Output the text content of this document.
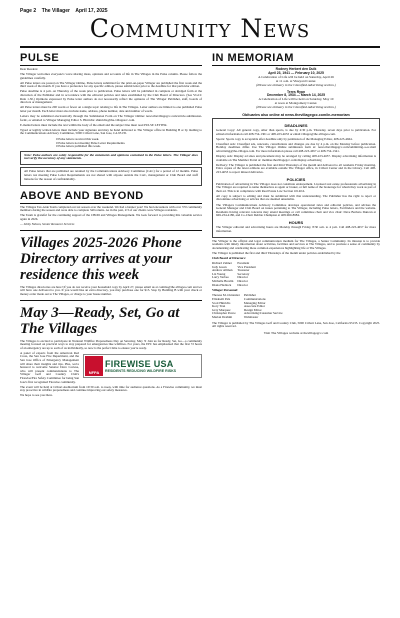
Page 2 The Villager April 17, 2025
Community News
PULSE

Dear Readers:

The Villager welcomes everyone's voice sharing ideas, opinions and accounts of life in The Villages in the Pulse column. Please follow the guidelines carefully.

All Pulse letters are posted on The Villager Online. Pulse letters submitted for the print-on-paper Villager are published the first week and the third week of the month. If you have a preference for any specific edition, please submit letter prior to the deadline for that particular edition.

Pulse deadline is 4 p.m. on Thursday of the week prior to publication. Pulse letters will be published in complete or abridged form at the discretion of the Publisher and in accordance with the editorial policies and rules established by the Club Board of Directors. (See VGCC Rule 1.30.) Opinions expressed by Pulse letter authors do not necessarily reflect the opinions of The Villager Publisher, staff, boards of directors or management.

All Pulse letters must be 200 words or fewer on a single topic relating to life in The Villages. Letter authors are limited to one published Pulse letter per month. Each letter must also include name, address, phone number, date and number of words.

Letters may be submitted electronically through the Submission Form on The Villager Online: news.thevillagegcc.com/article-submission-form/, or emailed to Villager Managing Editor S. Hinrichs: shinrichs@the-villagescc.com.

E-mailed letters must include the text within the body of the email and the subject line must read PULSE LETTER.

Typed or legibly written letters must include your signature and may be hand delivered to The Villager office in Building B or by mailing to the Communications Advisory Committee, 5000 Cribari Lane, San Jose, CA 95135.

0 Pulse letters received this week.
0 Pulse letters not meeting Pulse Letter Requirements.
0 Pulse letters published this week.

Note: Pulse authors are solely responsible for the statements and opinions contained in the Pulse letters. The Villager does not verify the accuracy of any statements.

All Pulse letters that are published are retained by the Communications Advisory Committee (CAC) for a period of 12 months. Pulse letters not meeting Pulse Letter Requirements are not shared with anyone outside the CAC, management or Club Board and staff liaisons for the reason of confidentiality.

ABOVE AND BEYOND

The Villages Tax-Aide Team completed our tax season over the weekend. We had a banner year! We had encounters with over 370 community members during the season and were able to complete 349 returns. As in the past, 2/3 of our clients were Villages residents.

The Team is grateful for the continuing support of the CBOD and Villages Management. We look forward to providing this valuable service again in 2026.

— Libby Nelson, Senior Resource Services

Villages 2025-2026 Phone Directory arrives at your residence this week

The Villages directories are here! If you do not receive your household copy by April 27, please email us at comms@the-villages.com and we will have one delivered to you. If you would like an extra directory, you may purchase one for $15. Stop by Building B with your check or money order made out to The Villages, or charge to your house number.

May 3—Ready, Set, Go at The Villages

The Villages is excited to participate in National Wildfire Preparedness Day on Saturday, May 3! Join us for Ready, Set, Go—a community meeting focused on practical ways to stay prepared for emergencies like wildfires. For years, the EPC has emphasized that the first 72 hours of an emergency are up to each of us individually, so now is the perfect time to ensure you're ready.

NFPA
FIREWISE USA
RESIDENTS REDUCING WILDFIRE RISKS

A panel of experts from the American Red Cross, the San Jose Fire Department, and the San Jose Office of Emergency Management will share their insights and tips. Plus, we're honored to welcome Senator Dave Cortese, who will present commendations to The Villager Golf and Country Club's Firewise/Fire Safety Committee for being San Jose's first recognized Firewise community.

The event will be held at Cribari Auditorium from 10:30 a.m. to noon, with time for audience questions. As a Firewise community, we must stay proactive in wildfire preparedness and continue improving our safety measures.

We hope to see you there.

IN MEMORIAM

Rodney Herbert den Dulk

April 23, 1941 — February 10, 2025

A Celebration of Life will be held on Saturday, April 26

at 11 a.m. at Vineyard Center.

(Please see obituary in the Classified Advertising section.)

Teres Ryan

December 8, 1934 — March 14, 2025

A Celebration of Life will be held on Saturday, May 10

at noon at Montgomery Center.

(Please see obituary in the Classified Advertising section.)

Obituaries also online at news.thevillagegcc.com/in-memoriam
DEADLINES

General Copy: All general copy, other than sports, is due by 4:30 p.m. Thursday, seven days prior to publication. For editorial information call 408-754-1301 or 408-223-4653 or email villager@the-villages.com.

Sports: Sports copy is acceptable after deadline only by permission of the Managing Editor, 408-223-4664.

Classified Ads: Classified ads, renewals, cancellations and changes are due by 4 p.m. on the Monday before publication. Holiday deadlines differ. Use The Villager Online submission form at: news.thevillagegcc.com/submitting-a-or-mail advertising@the-villages.com. For more information please call 408-223-4657 or 408-754-1341.

Display Ads: Display ad sizes and placement may be arranged by calling 408-223-4657. Display advertising information is available on The Member Portal at: member.thevillagegcc.com/display-advertising

Delivery: The Villager is published the first and third Thursdays of the month and delivered to all residents Friday morning. Extra copies of the latest editions are available outside The Villager office, in Cribari Center and in the Library. Call 408-223-4653 to report missed deliveries.

POLICIES

Publication of advertising in The Villager does not constitute endorsement. Licensed real estate professionals advertising in The Villager are required to name themselves as agent or broker, or full name of the brokerage for whom they work as part of their ad. This is in compliance with Real Estate Law Section 10140.6.

All copy is subject to editing and must be submitted with that understanding. The Publisher has the right to reject or discontinue advertising or articles that are deemed unsuitable.

The Villagers Communications Advisory Committee develops operational rules and editorial policies, and advises the General Manager and Club Board on issues pertaining to The Villager, including Pulse letters, Factfinders and the website. Residents having relevant concerns may attend meetings or call committee chair and vice chair: Dave Barbato Duncan at 669-234-4180, and Co-Chair Debbie Champion at 408-960-8984.

HOURS

The Villager editorial and advertising hours are Monday through Friday, 8:30 a.m. to 4 p.m. Call 408-223-4657 for more information.

The Villager is the official and legal communication medium for The Villages, a Senior Community. Its mission is to provide residents with timely information about activities, facilities and services at The Villages, and to promote a sense of community by documenting and celebrating these common experiences highlighting life at The Villages.

The Villager is published the first and third Thursdays of the month under policies established by the

Club Board of Directors:

Richard Zahner	President
Judy Green	Vice President
Andrew Allman	Treasurer
Liz Young	Secretary
Larry Verbeo	Director
Michelle Breslin	Director
Diana Hedlock	Director

Villager Personnel:

Theresa M. Ostrander	Publisher
Elizabeth Pals	Communications
Scott Hinrichs	Managing Editor
Kory Tran	Associate Editor
Jerry Marquez	Design Editor
Christopher Ponce	Advertising/Customer Service
Marian Ibrahim	Webmaster

The Villager is published by The Villages Golf and Country Club, 5000 Cribari Lane, San Jose, California 95135. Copyright 2025. All rights reserved.

Visit The Villages website at thevillagegcc.com
